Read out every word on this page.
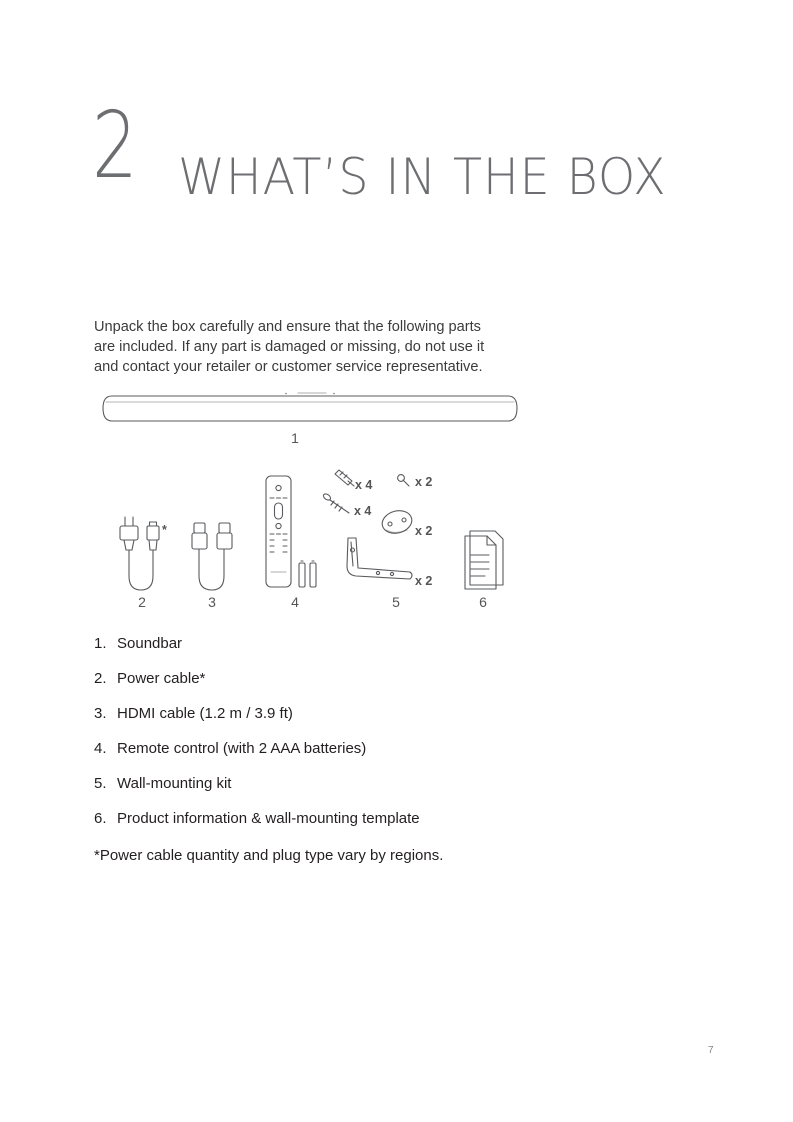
2 WHAT’S IN THE BOX

Unpack the box carefully and ensure that the following parts

are included. If any part is damaged or missing, do not use it

and contact your retailer or customer service representative.

1
*
2	3	4
x 4	x 2
x 4
x 2
x 2
5	6
1. Soundbar
2. Power cable*
3. HDMI cable (1.2 m / 3.9 ft)
4. Remote control (with 2 AAA batteries)
5. Wall-mounting kit
6. Product information & wall-mounting template
*Power cable quantity and plug type vary by regions.
7
